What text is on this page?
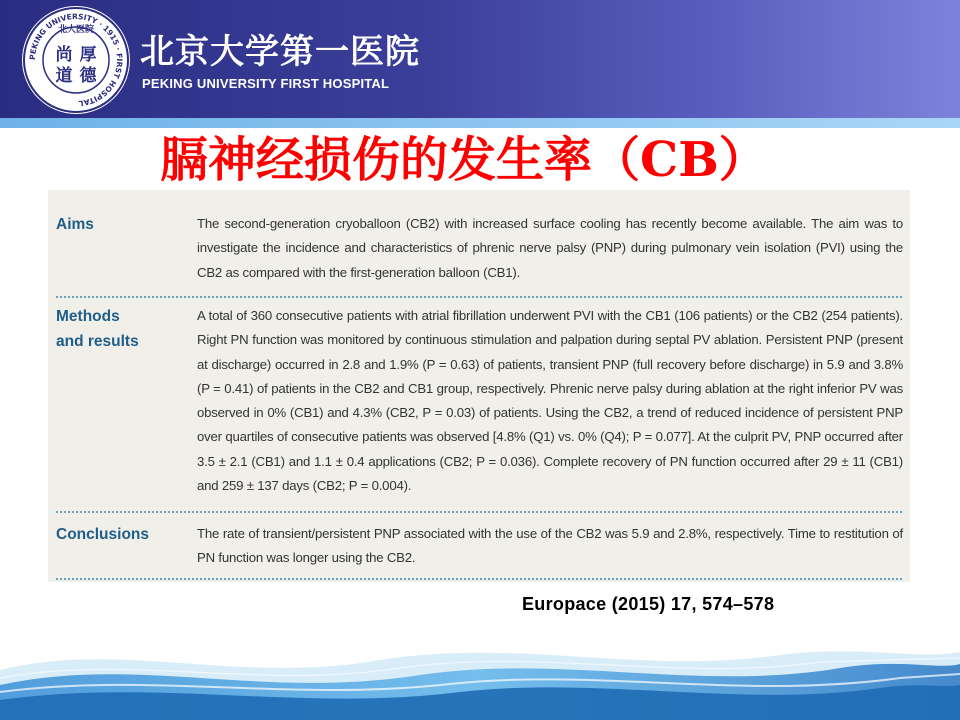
PEKING UNIVERSITY · 1915 · FIRST HOSPITAL
北大医院
尚 厚
道 德
北京大学第一医院
PEKING UNIVERSITY FIRST HOSPITAL
膈神经损伤的发生率（CB）
Aims	The second-generation cryoballoon (CB2) with increased surface cooling has recently become available. The aim was to investigate the incidence and characteristics of phrenic nerve palsy (PNP) during pulmonary vein isolation (PVI) using the CB2 as compared with the first-generation balloon (CB1).
Methods
and results
A total of 360 consecutive patients with atrial fibrillation underwent PVI with the CB1 (106 patients) or the CB2 (254 patients). Right PN function was monitored by continuous stimulation and palpation during septal PV ablation. Persistent PNP (present at discharge) occurred in 2.8 and 1.9% (P = 0.63) of patients, transient PNP (full recovery before discharge) in 5.9 and 3.8% (P = 0.41) of patients in the CB2 and CB1 group, respectively. Phrenic nerve palsy during ablation at the right inferior PV was observed in 0% (CB1) and 4.3% (CB2, P = 0.03) of patients. Using the CB2, a trend of reduced incidence of persistent PNP over quartiles of consecutive patients was observed [4.8% (Q1) vs. 0% (Q4); P = 0.077]. At the culprit PV, PNP occurred after 3.5 ± 2.1 (CB1) and 1.1 ± 0.4 applications (CB2; P = 0.036). Complete recovery of PN function occurred after 29 ± 11 (CB1) and 259 ± 137 days (CB2; P = 0.004).
Conclusions	The rate of transient/persistent PNP associated with the use of the CB2 was 5.9 and 2.8%, respectively. Time to restitution of PN function was longer using the CB2.
Europace (2015) 17, 574–578
